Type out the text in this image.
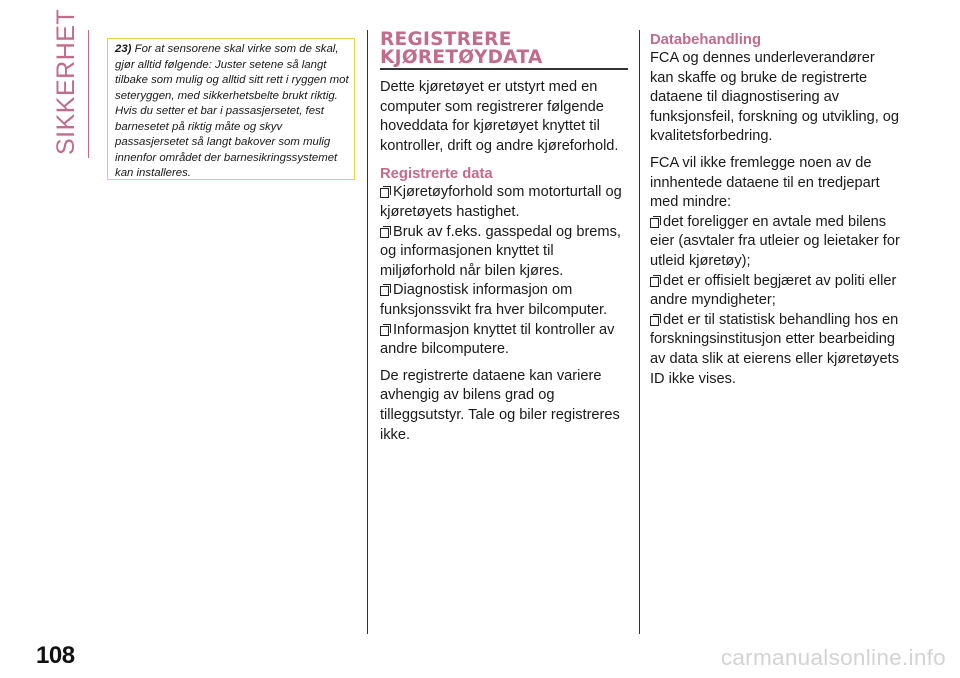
SIKKERHET	23) For at sensorene skal virke som de skal, gjør alltid følgende: Juster setene så langt tilbake som mulig og alltid sitt rett i ryggen mot seteryggen, med sikkerhetsbelte brukt riktig. Hvis du setter et bar i passasjersetet, fest barnesetet på riktig måte og skyv passasjersetet så langt bakover som mulig innenfor området der barnesikringssystemet kan installeres.
REGISTRERE
KJØRETØYDATA

Dette kjøretøyet er utstyrt med en computer som registrerer følgende hoveddata for kjøretøyet knyttet til kontroller, drift og andre kjøreforhold.

Registrerte data

Kjøretøyforhold som motorturtall og kjøretøyets hastighet.

Bruk av f.eks. gasspedal og brems, og informasjonen knyttet til miljøforhold når bilen kjøres.

Diagnostisk informasjon om funksjonssvikt fra hver bilcomputer.

Informasjon knyttet til kontroller av andre bilcomputere.

De registrerte dataene kan variere avhengig av bilens grad og tilleggsutstyr. Tale og biler registreres ikke.

Databehandling

FCA og dennes underleverandører kan skaffe og bruke de registrerte dataene til diagnostisering av funksjonsfeil, forskning og utvikling, og kvalitetsforbedring.

FCA vil ikke fremlegge noen av de innhentede dataene til en tredjepart med mindre:

det foreligger en avtale med bilens eier (asvtaler fra utleier og leietaker for utleid kjøretøy);

det er offisielt begjæret av politi eller andre myndigheter;

det er til statistisk behandling hos en forskningsinstitusjon etter bearbeiding av data slik at eierens eller kjøretøyets ID ikke vises.

108	carmanualsonline.info
